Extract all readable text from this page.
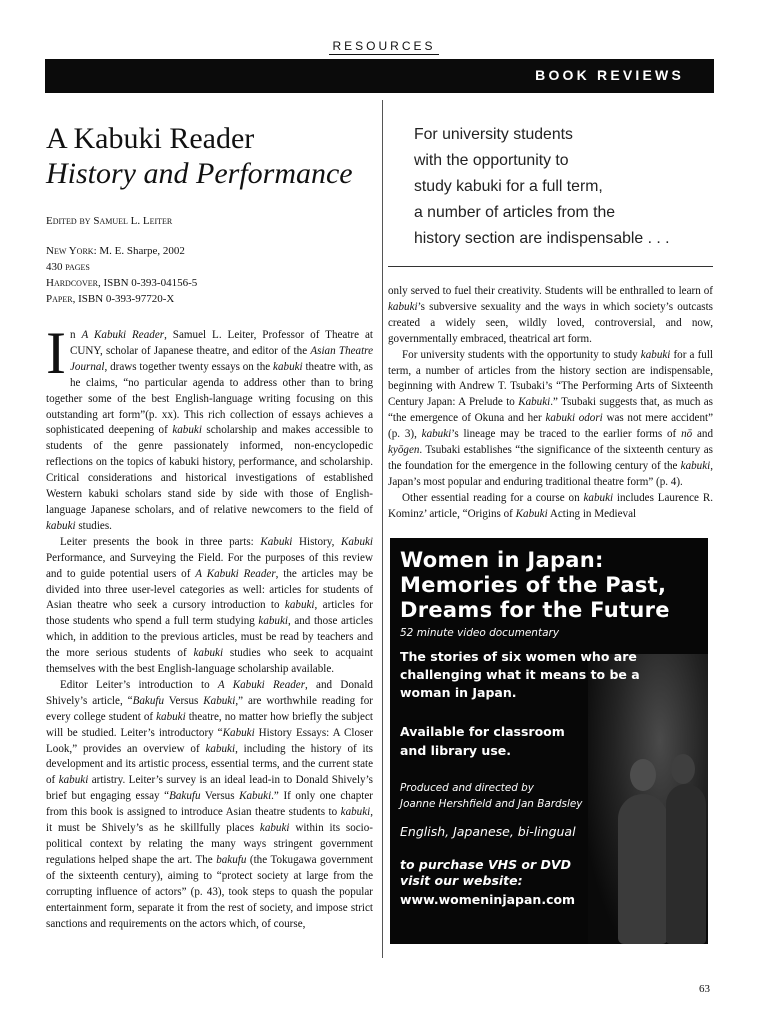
RESOURCES
BOOK REVIEWS
A Kabuki Reader
History and Performance
Edited by Samuel L. Leiter
New York: M. E. Sharpe, 2002
430 pages
Hardcover, ISBN 0-393-04156-5
Paper, ISBN 0-393-97720-X

In A Kabuki Reader, Samuel L. Leiter, Professor of Theatre at CUNY, scholar of Japanese theatre, and editor of the Asian Theatre Journal, draws together twenty essays on the kabuki theatre with, as he claims, “no particular agenda to address other than to bring together some of the best English-language writing focusing on this outstanding art form”(p. xx). This rich collection of essays achieves a sophisticated deepening of kabuki scholarship and makes accessible to students of the genre passionately informed, non-encyclopedic reflections on the topics of kabuki history, performance, and scholarship. Critical considerations and historical investigations of established Western kabuki scholars stand side by side with those of English-language Japanese scholars, and of relative newcomers to the field of kabuki studies.

Leiter presents the book in three parts: Kabuki History, Kabuki Performance, and Surveying the Field. For the purposes of this review and to guide potential users of A Kabuki Reader, the articles may be divided into three user-level categories as well: articles for students of Asian theatre who seek a cursory introduction to kabuki, articles for those students who spend a full term studying kabuki, and those articles which, in addition to the previous articles, must be read by teachers and the more serious students of kabuki studies who seek to acquaint themselves with the best English-language scholarship available.

Editor Leiter’s introduction to A Kabuki Reader, and Donald Shively’s article, “Bakufu Versus Kabuki,” are worthwhile reading for every college student of kabuki theatre, no matter how briefly the subject will be studied. Leiter’s introductory “Kabuki History Essays: A Closer Look,” provides an overview of kabuki, including the history of its development and its artistic process, essential terms, and the current state of kabuki artistry. Leiter’s survey is an ideal lead-in to Donald Shively’s brief but engaging essay “Bakufu Versus Kabuki.” If only one chapter from this book is assigned to introduce Asian theatre students to kabuki, it must be Shively’s as he skillfully places kabuki within its socio-political context by relating the many ways stringent government regulations helped shape the art. The bakufu (the Tokugawa government of the sixteenth century), aiming to “protect society at large from the corrupting influence of actors” (p. 43), took steps to quash the popular entertainment form, separate it from the rest of society, and impose strict sanctions and requirements on the actors which, of course,

For university students
with the opportunity to
study kabuki for a full term,
a number of articles from the
history section are indispensable . . .

only served to fuel their creativity. Students will be enthralled to learn of kabuki’s subversive sexuality and the ways in which society’s outcasts created a widely seen, wildly loved, controversial, and now, governmentally embraced, theatrical art form.

For university students with the opportunity to study kabuki for a full term, a number of articles from the history section are indispensable, beginning with Andrew T. Tsubaki’s “The Performing Arts of Sixteenth Century Japan: A Prelude to Kabuki.” Tsubaki suggests that, as much as “the emergence of Okuna and her kabuki odori was not mere accident” (p. 3), kabuki’s lineage may be traced to the earlier forms of nō and kyōgen. Tsubaki establishes “the significance of the sixteenth century as the foundation for the emergence in the following century of the kabuki, Japan’s most popular and enduring traditional theatre form” (p. 4).

Other essential reading for a course on kabuki includes Laurence R. Kominz’ article, “Origins of Kabuki Acting in Medieval

Women in Japan:
Memories of the Past,
Dreams for the Future
52 minute video documentary
The stories of six women who are
challenging what it means to be a
woman in Japan.
Available for classroom
and library use.
Produced and directed by
Joanne Hershfield and Jan Bardsley
English, Japanese, bi-lingual
to purchase VHS or DVD
visit our website:
www.womeninjapan.com
63
